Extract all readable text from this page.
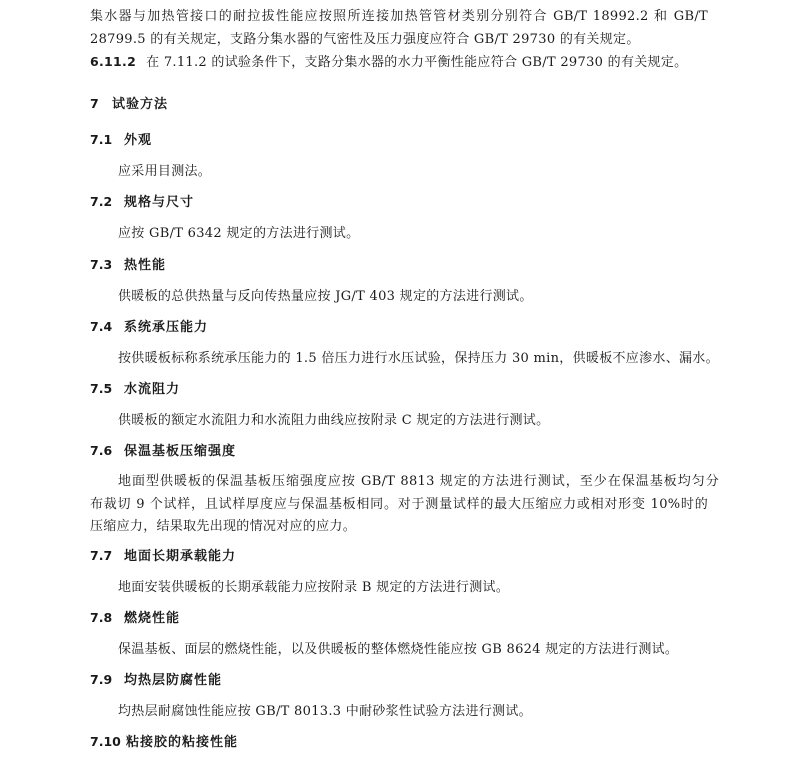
集水器与加热管接口的耐拉拔性能应按照所连接加热管管材类别分别符合 GB/T 18992.2 和 GB/T
28799.5 的有关规定，支路分集水器的气密性及压力强度应符合 GB/T 29730 的有关规定。
6.11.2 在 7.11.2 的试验条件下，支路分集水器的水力平衡性能应符合 GB/T 29730 的有关规定。
7 试验方法
7.1 外观
应采用目测法。
7.2 规格与尺寸
应按 GB/T 6342 规定的方法进行测试。
7.3 热性能
供暖板的总供热量与反向传热量应按 JG/T 403 规定的方法进行测试。
7.4 系统承压能力
按供暖板标称系统承压能力的 1.5 倍压力进行水压试验，保持压力 30 min，供暖板不应渗水、漏水。
7.5 水流阻力
供暖板的额定水流阻力和水流阻力曲线应按附录 C 规定的方法进行测试。
7.6 保温基板压缩强度
地面型供暖板的保温基板压缩强度应按 GB/T 8813 规定的方法进行测试，至少在保温基板均匀分
布裁切 9 个试样，且试样厚度应与保温基板相同。对于测量试样的最大压缩应力或相对形变 10%时的
压缩应力，结果取先出现的情况对应的应力。
7.7 地面长期承载能力
地面安装供暖板的长期承载能力应按附录 B 规定的方法进行测试。
7.8 燃烧性能
保温基板、面层的燃烧性能，以及供暖板的整体燃烧性能应按 GB 8624 规定的方法进行测试。
7.9 均热层防腐性能
均热层耐腐蚀性能应按 GB/T 8013.3 中耐砂浆性试验方法进行测试。
7.10 粘接胶的粘接性能
